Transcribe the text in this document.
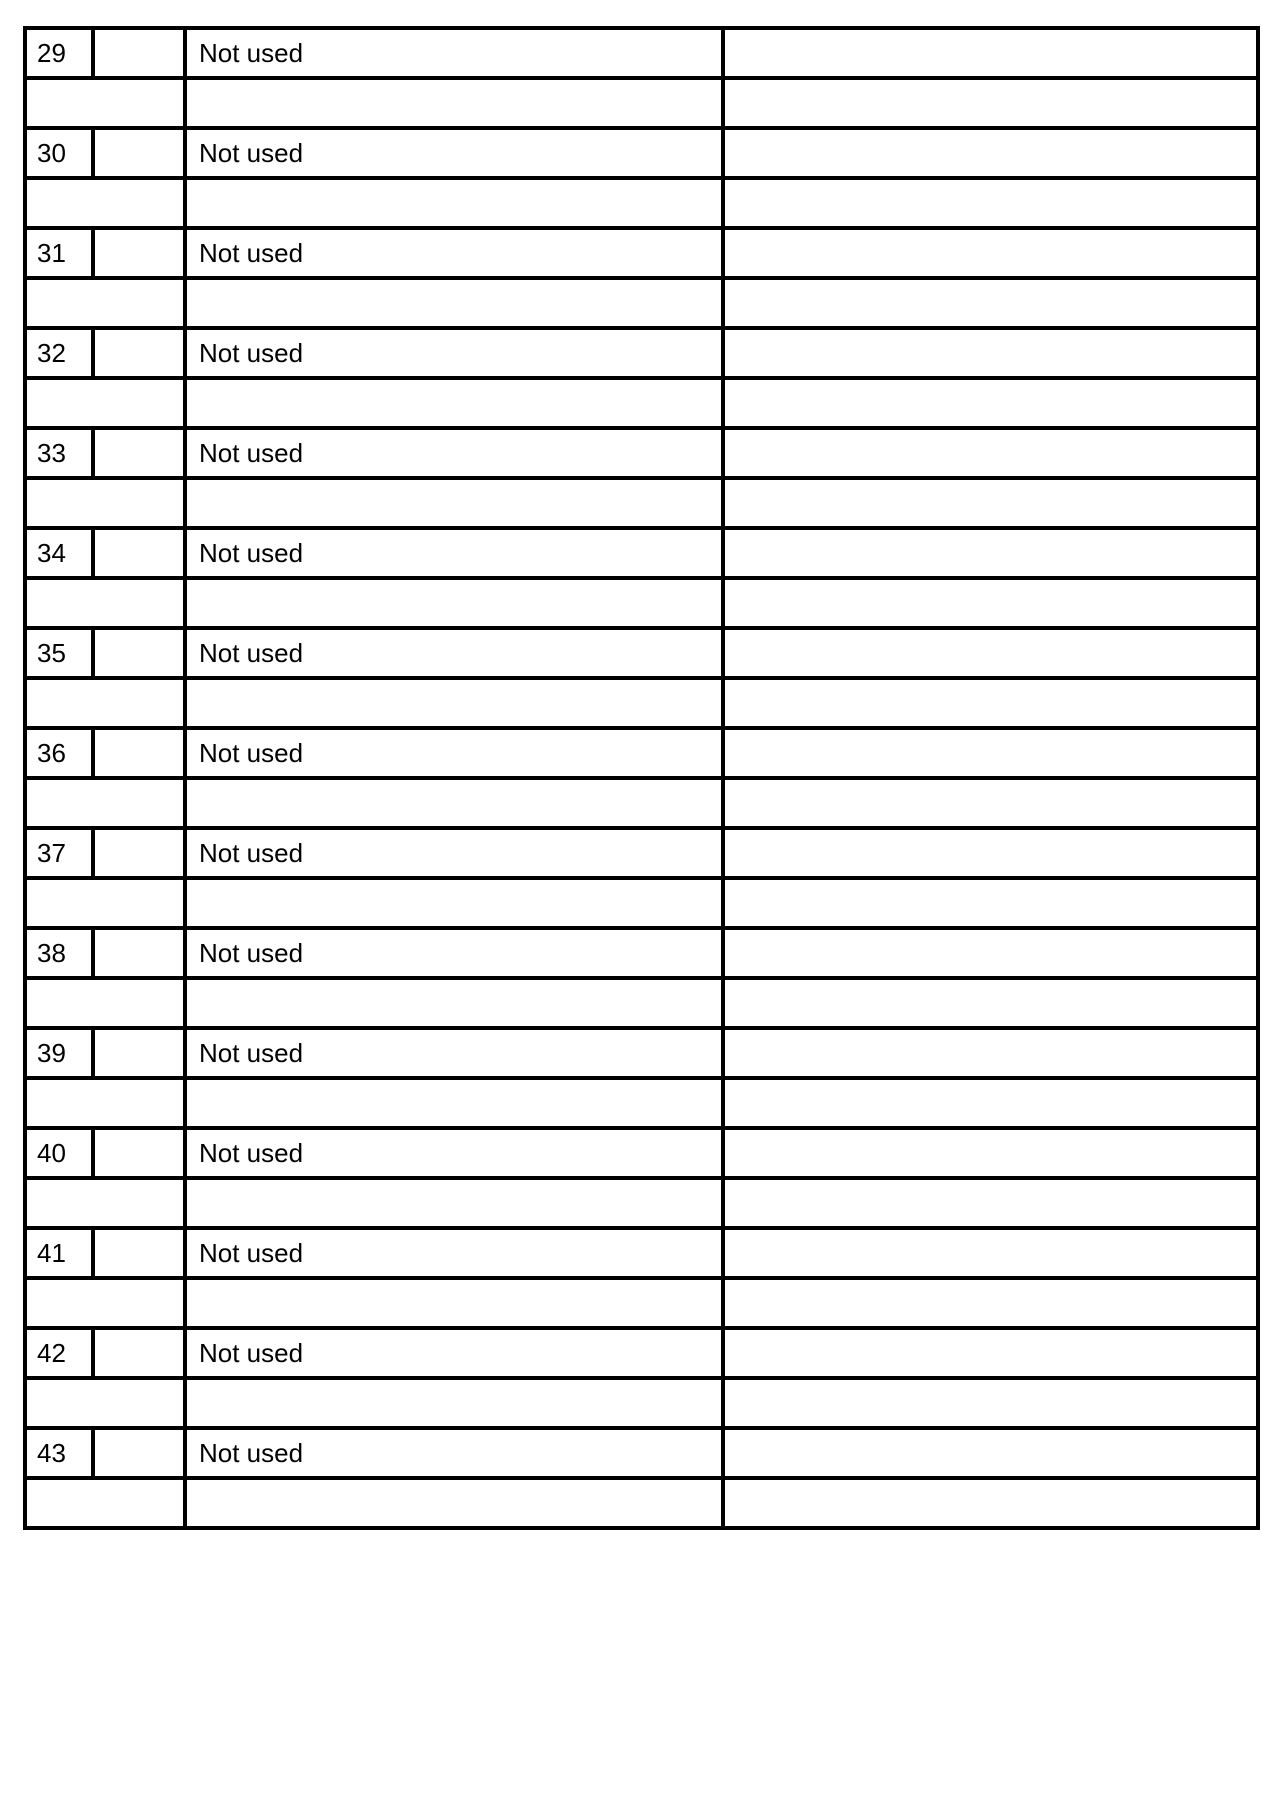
29		Not used	

30		Not used	

31		Not used	

32		Not used	

33		Not used	

34		Not used	

35		Not used	

36		Not used	

37		Not used	

38		Not used	

39		Not used	

40		Not used	

41		Not used	

42		Not used	

43		Not used	
